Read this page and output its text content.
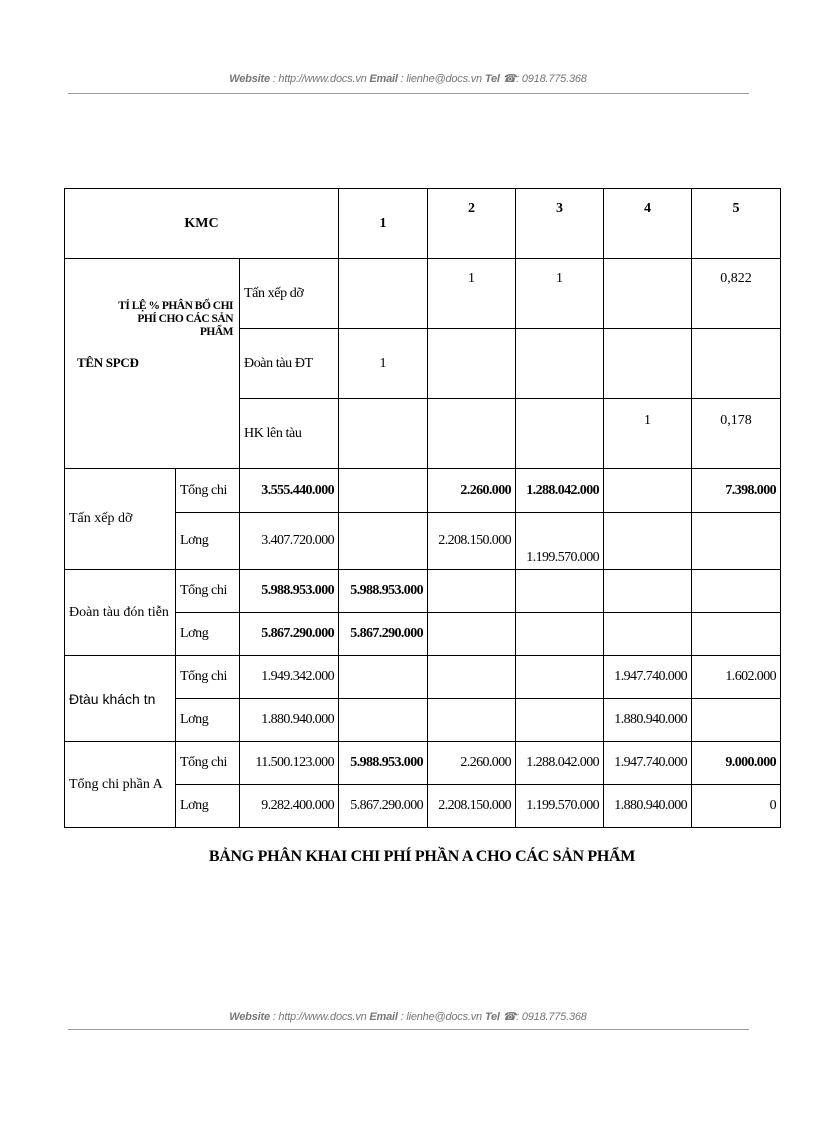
Website : http://www.docs.vn Email : lienhe@docs.vn Tel ☎: 0918.775.368
KMC			1	2	3	4	5

TỈ LỆ % PHÂN BỔ CHI PHÍ CHO CÁC SẢN PHẨM
TÊN SPCĐ		Tấn xếp dỡ		1	1		0,822
		Đoàn tàu ĐT	1				
		HK lên tàu				1	0,178
Tấn xếp dỡ	Tổng chi	3.555.440.000		2.260.000	1.288.042.000		7.398.000
	Lơng	3.407.720.000		2.208.150.000	1.199.570.000		
Đoàn tàu đón tiễn	Tổng chi	5.988.953.000	5.988.953.000				
	Lơng	5.867.290.000	5.867.290.000				
Đtàu khách tn	Tổng chi	1.949.342.000				1.947.740.000	1.602.000
	Lơng	1.880.940.000				1.880.940.000	
Tổng chi phần A	Tổng chi	11.500.123.000	5.988.953.000	2.260.000	1.288.042.000	1.947.740.000	9.000.000
	Lơng	9.282.400.000	5.867.290.000	2.208.150.000	1.199.570.000	1.880.940.000	0
BẢNG PHÂN KHAI CHI PHÍ PHẦN A CHO CÁC SẢN PHẨM
Website : http://www.docs.vn Email : lienhe@docs.vn Tel ☎: 0918.775.368
